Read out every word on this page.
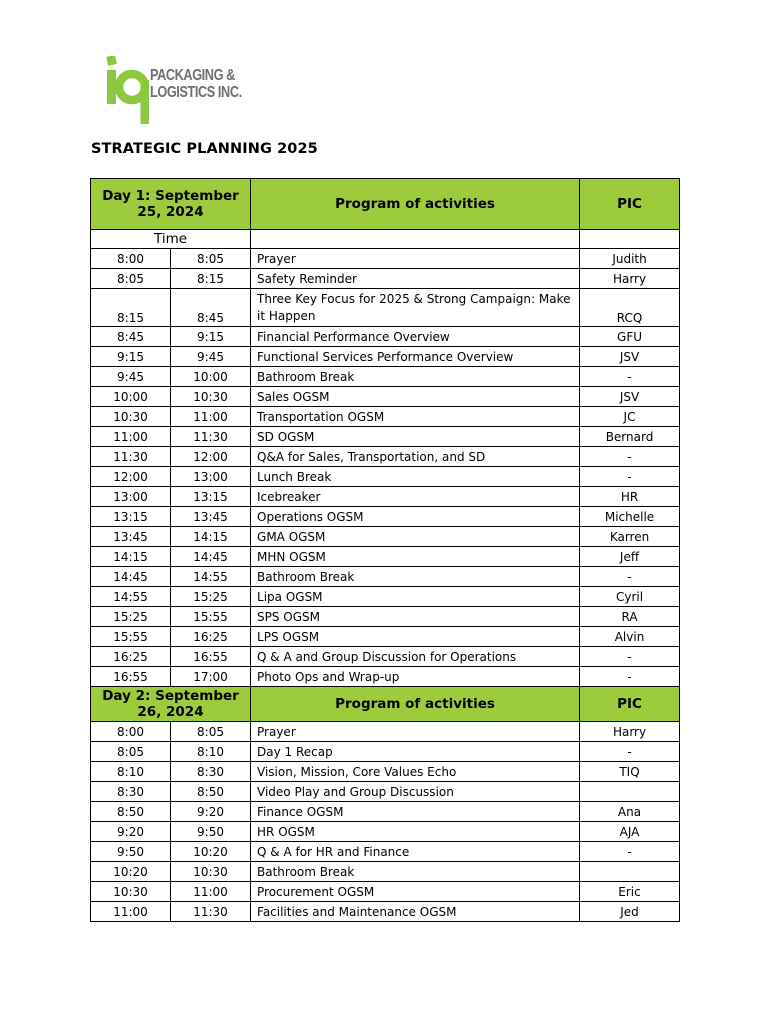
PACKAGING &
LOGISTICS INC.
STRATEGIC PLANNING 2025
Day 1: September 25, 2024		Program of activities	PIC
Time			
8:00	8:05	Prayer	Judith
8:05	8:15	Safety Reminder	Harry
8:15	8:45	Three Key Focus for 2025 & Strong Campaign: Make it Happen	RCQ
8:45	9:15	Financial Performance Overview	GFU
9:15	9:45	Functional Services Performance Overview	JSV
9:45	10:00	Bathroom Break	-
10:00	10:30	Sales OGSM	JSV
10:30	11:00	Transportation OGSM	JC
11:00	11:30	SD OGSM	Bernard
11:30	12:00	Q&A for Sales, Transportation, and SD	-
12:00	13:00	Lunch Break	-
13:00	13:15	Icebreaker	HR
13:15	13:45	Operations OGSM	Michelle
13:45	14:15	GMA OGSM	Karren
14:15	14:45	MHN OGSM	Jeff
14:45	14:55	Bathroom Break	-
14:55	15:25	Lipa OGSM	Cyril
15:25	15:55	SPS OGSM	RA
15:55	16:25	LPS OGSM	Alvin
16:25	16:55	Q & A and Group Discussion for Operations	-
16:55	17:00	Photo Ops and Wrap-up	-
Day 2: September 26, 2024		Program of activities	PIC
8:00	8:05	Prayer	Harry
8:05	8:10	Day 1 Recap	-
8:10	8:30	Vision, Mission, Core Values Echo	TIQ
8:30	8:50	Video Play and Group Discussion	
8:50	9:20	Finance OGSM	Ana
9:20	9:50	HR OGSM	AJA
9:50	10:20	Q & A for HR and Finance	-
10:20	10:30	Bathroom Break	
10:30	11:00	Procurement OGSM	Eric
11:00	11:30	Facilities and Maintenance OGSM	Jed
